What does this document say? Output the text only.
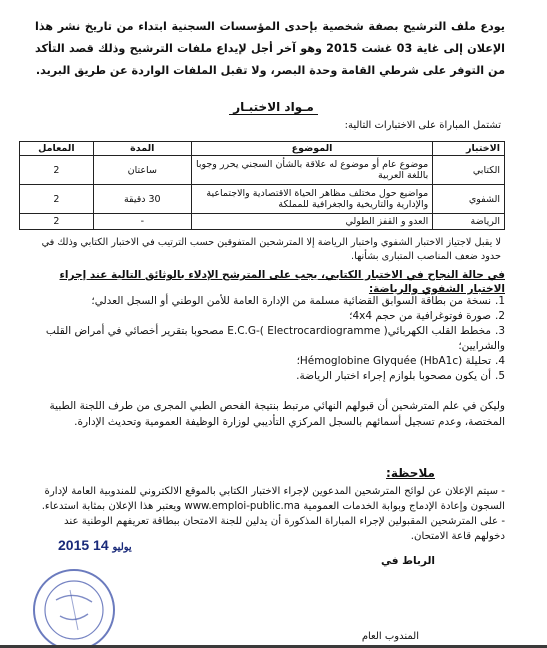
يودع ملف الترشيح بصفة شخصية بإحدى المؤسسات السجنية ابتداء من تاريخ نشر هذا الإعلان إلى غاية 03 غشت 2015 وهو آخر أجل لإيداع ملفات الترشيح وذلك قصد التأكد من التوفر على شرطي القامة وحدة البصر، ولا تقبل الملفات الواردة عن طريق البريد.

مـواد الاختبـار
تشتمل المباراة على الاختبارات التالية:
الاختبار	الموضوع	المدة	المعامل
الكتابي	موضوع عام أو موضوع له علاقة بالشأن السجني يحرر وجوبا باللغة العربية	ساعتان	2
الشفوي	مواضيع حول مختلف مظاهر الحياة الاقتصادية والاجتماعية والإدارية والتاريخية والجغرافية للمملكة	30 دقيقة	2
الرياضة	العدو و القفز الطولي	-	2

لا يقبل لاجتياز الاختبار الشفوي واختبار الرياضة إلا المترشحين المتفوقين حسب الترتيب في الاختبار الكتابي وذلك في حدود ضعف المناصب المتبارى بشأنها.

في حالة النجاح في الاختبار الكتابي، يجب على المترشح الإدلاء بالوثائق التالية عند إجراء الاختبار الشفوي والرياضة:

1.نسخة من بطاقة السوابق القضائية مسلمة من الإدارة العامة للأمن الوطني أو السجل العدلي؛
2.صورة فوتوغرافية من حجم 4x4؛
3.مخطط القلب الكهربائي( Electrocardiogramme )-E.C.G مصحوبا بتقرير أخصائي في أمراض القلب والشرايين؛
4.تحليلة (HbA1c) Hémoglobine Glyquée؛
5.أن يكون مصحوبا بلوازم إجراء اختبار الرياضة.

وليكن في علم المترشحين أن قبولهم النهائي مرتبط بنتيجة الفحص الطبي المجرى من طرف اللجنة الطبية المختصة، وعدم تسجيل أسمائهم بالسجل المركزي التأديبي لوزارة الوظيفة العمومية وتحديث الإدارة.

ملاحظة:

- سيتم الإعلان عن لوائح المترشحين المدعوين لإجراء الاختبار الكتابي بالموقع الالكتروني للمندوبية العامة لإدارة السجون وإعادة الإدماج وبوابة الخدمات العمومية www.emploi-public.ma ويعتبر هذا الإعلان بمثابة استدعاء.

- على المترشحين المقبولين لإجراء المباراة المذكورة أن يدلين للجنة الامتحان ببطاقة تعريفهم الوطنية عند دخولهم قاعة الامتحان.

2015 يوليو 14
الرباط في
المندوب العام
